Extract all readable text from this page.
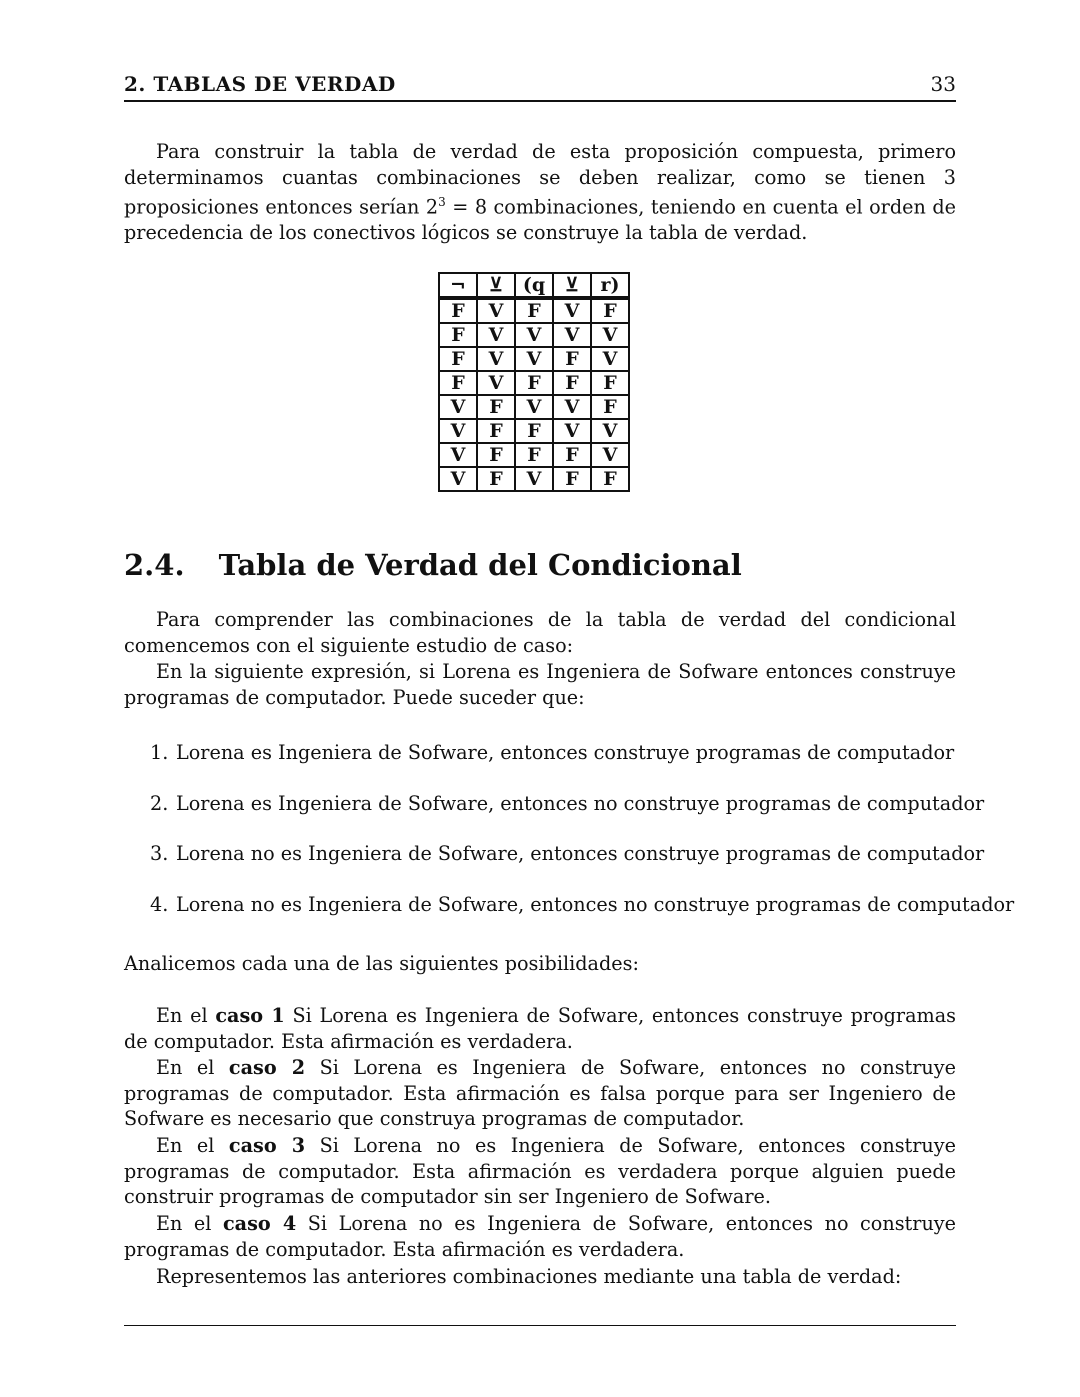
2. TABLAS DE VERDAD	33

Para construir la tabla de verdad de esta proposición compuesta, primero determinamos cuantas combinaciones se deben realizar, como se tienen 3 proposiciones entonces serían $2^3 = 8$ combinaciones, teniendo en cuenta el orden de precedencia de los conectivos lógicos se construye la tabla de verdad.

¬	⊻	(q	⊻	r)
F	V	F	V	F
F	V	V	V	V
F	V	V	F	V
F	V	F	F	F
V	F	V	V	F
V	F	F	V	V
V	F	F	F	V
V	F	V	F	F
2.4. Tabla de Verdad del Condicional

Para comprender las combinaciones de la tabla de verdad del condicional comencemos con el siguiente estudio de caso:

En la siguiente expresión, si Lorena es Ingeniera de Sofware entonces construye programas de computador. Puede suceder que:

1. Lorena es Ingeniera de Sofware, entonces construye programas de computador
2. Lorena es Ingeniera de Sofware, entonces no construye programas de computador
3. Lorena no es Ingeniera de Sofware, entonces construye programas de computador
4. Lorena no es Ingeniera de Sofware, entonces no construye programas de computador

Analicemos cada una de las siguientes posibilidades:

En el caso 1 Si Lorena es Ingeniera de Sofware, entonces construye programas de computador. Esta afirmación es verdadera.

En el caso 2 Si Lorena es Ingeniera de Sofware, entonces no construye programas de computador. Esta afirmación es falsa porque para ser Ingeniero de Sofware es necesario que construya programas de computador.

En el caso 3 Si Lorena no es Ingeniera de Sofware, entonces construye programas de computador. Esta afirmación es verdadera porque alguien puede construir programas de computador sin ser Ingeniero de Sofware.

En el caso 4 Si Lorena no es Ingeniera de Sofware, entonces no construye programas de computador. Esta afirmación es verdadera.

Representemos las anteriores combinaciones mediante una tabla de verdad:
